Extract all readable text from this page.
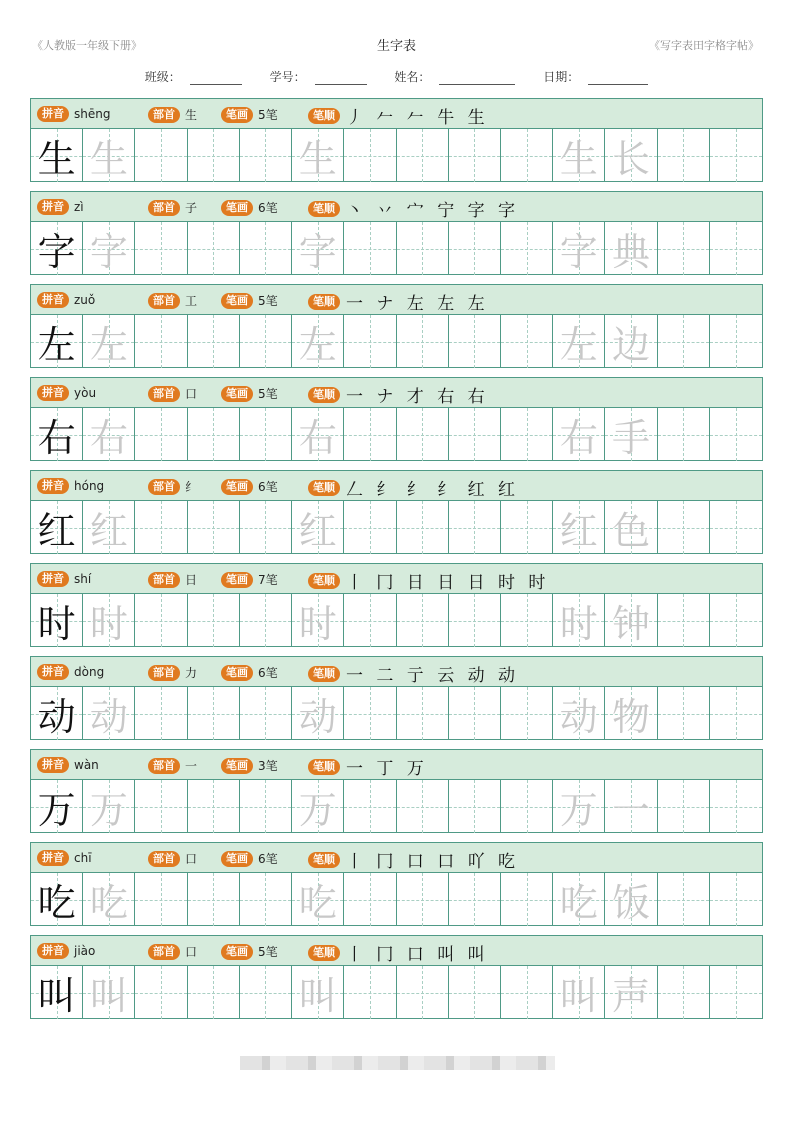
《人教版一年级下册》	生字表	《写字表田字格字帖》
班级：	学号：	姓名：	日期：
拼音 shēng	部首 生	笔画 5笔	笔顺 丿 𠂉 𠂉 牛 生
生 生	生	生 长
拼音 zì	部首 子	笔画 6笔	笔顺 丶 丷 宀 宁 字 字
字 字	字	字 典
拼音 zuǒ	部首 工	笔画 5笔	笔顺 一 ナ 左 左 左
左 左	左	左 边
拼音 yòu	部首 口	笔画 5笔	笔顺 一 ナ 才 右 右
右 右	右	右 手
拼音 hóng	部首 纟	笔画 6笔	笔顺 𠃋 纟 纟 纟 红 红
红 红	红	红 色
拼音 shí	部首 日	笔画 7笔	笔顺 丨 冂 日 日 日 时 时
时 时	时	时 钟
拼音 dòng	部首 力	笔画 6笔	笔顺 一 二 亍 云 动 动
动 动	动	动 物
拼音 wàn	部首 一	笔画 3笔	笔顺 一 丁 万
万 万	万	万 一
拼音 chī	部首 口	笔画 6笔	笔顺 丨 冂 口 口 吖 吃
吃 吃	吃	吃 饭
拼音 jiào	部首 口	笔画 5笔	笔顺 丨 冂 口 叫 叫
叫 叫	叫	叫 声
